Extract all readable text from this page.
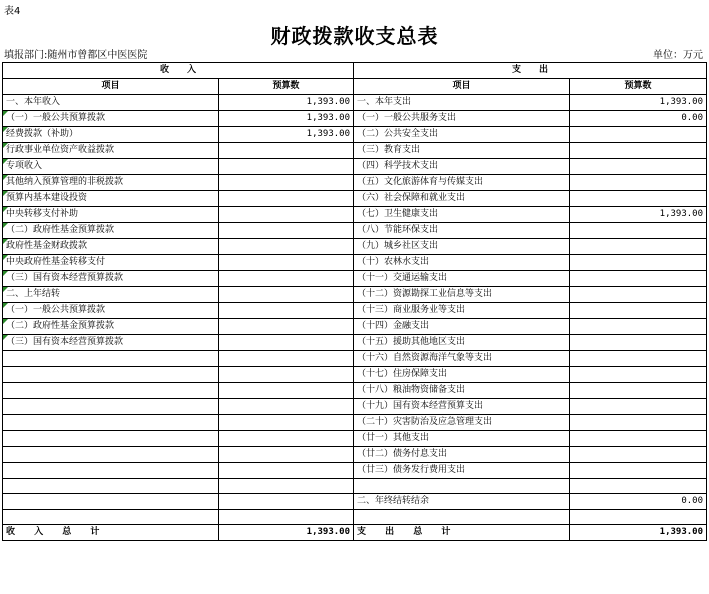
表4
财政拨款收支总表
填报部门:随州市曾都区中医医院	单位：万元
收　　入		支　　出	
项目	预算数	项目	预算数
一、本年收入	1,393.00	一、本年支出	1,393.00
（一）一般公共预算拨款	1,393.00	（一）一般公共服务支出	0.00
经费拨款（补助）	1,393.00	（二）公共安全支出	
行政事业单位资产收益拨款		（三）教育支出	
专项收入		（四）科学技术支出	
其他纳入预算管理的非税拨款		（五）文化旅游体育与传媒支出	
预算内基本建设投资		（六）社会保障和就业支出	
中央转移支付补助		（七）卫生健康支出	1,393.00
（二）政府性基金预算拨款		（八）节能环保支出	
政府性基金财政拨款		（九）城乡社区支出	
中央政府性基金转移支付		（十）农林水支出	
（三）国有资本经营预算拨款		（十一）交通运输支出	
二、上年结转		（十二）资源勘探工业信息等支出	
（一）一般公共预算拨款		（十三）商业服务业等支出	
（二）政府性基金预算拨款		（十四）金融支出	
（三）国有资本经营预算拨款		（十五）援助其他地区支出	
		（十六）自然资源海洋气象等支出	
		（十七）住房保障支出	
		（十八）粮油物资储备支出	
		（十九）国有资本经营预算支出	
		（二十）灾害防治及应急管理支出	
		（廿一）其他支出	
		（廿二）债务付息支出	
		（廿三）债务发行费用支出	

		二、年终结转结余	0.00

收 入 总 计	1,393.00	支 出 总 计	1,393.00
